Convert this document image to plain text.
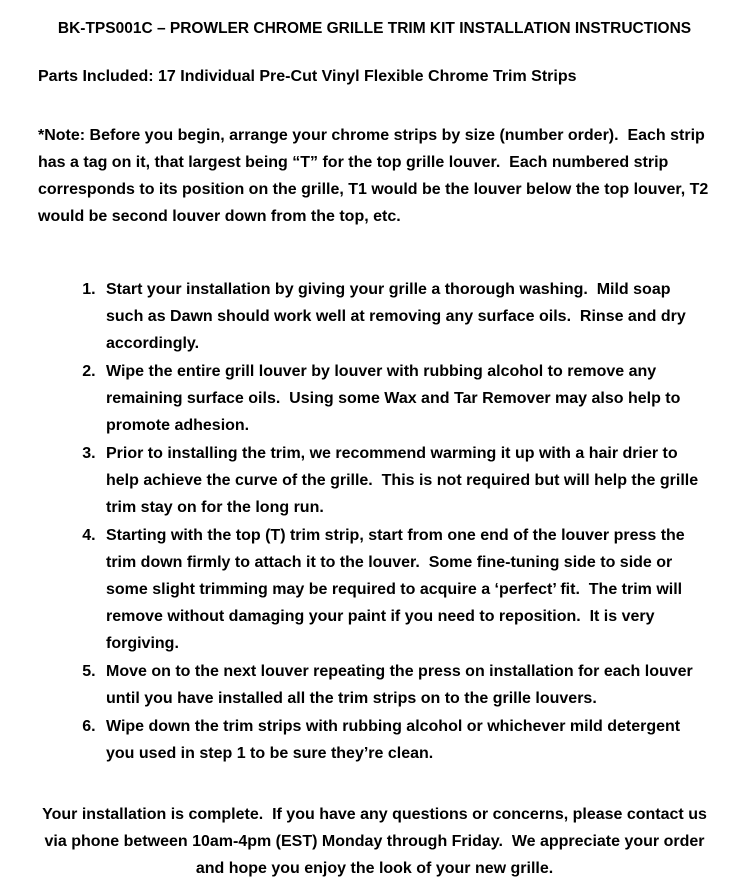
BK-TPS001C – PROWLER CHROME GRILLE TRIM KIT INSTALLATION INSTRUCTIONS

Parts Included: 17 Individual Pre-Cut Vinyl Flexible Chrome Trim Strips

*Note: Before you begin, arrange your chrome strips by size (number order).  Each strip has a tag on it, that largest being “T” for the top grille louver.  Each numbered strip corresponds to its position on the grille, T1 would be the louver below the top louver, T2 would be second louver down from the top, etc.

1. Start your installation by giving your grille a thorough washing.  Mild soap such as Dawn should work well at removing any surface oils.  Rinse and dry accordingly.
2. Wipe the entire grill louver by louver with rubbing alcohol to remove any remaining surface oils.  Using some Wax and Tar Remover may also help to promote adhesion.
3. Prior to installing the trim, we recommend warming it up with a hair drier to help achieve the curve of the grille.  This is not required but will help the grille trim stay on for the long run.
4. Starting with the top (T) trim strip, start from one end of the louver press the trim down firmly to attach it to the louver.  Some fine-tuning side to side or some slight trimming may be required to acquire a ‘perfect’ fit.  The trim will remove without damaging your paint if you need to reposition.  It is very forgiving.
5. Move on to the next louver repeating the press on installation for each louver until you have installed all the trim strips on to the grille louvers.
6. Wipe down the trim strips with rubbing alcohol or whichever mild detergent you used in step 1 to be sure they’re clean.

Your installation is complete.  If you have any questions or concerns, please contact us via phone between 10am-4pm (EST) Monday through Friday.  We appreciate your order and hope you enjoy the look of your new grille.
